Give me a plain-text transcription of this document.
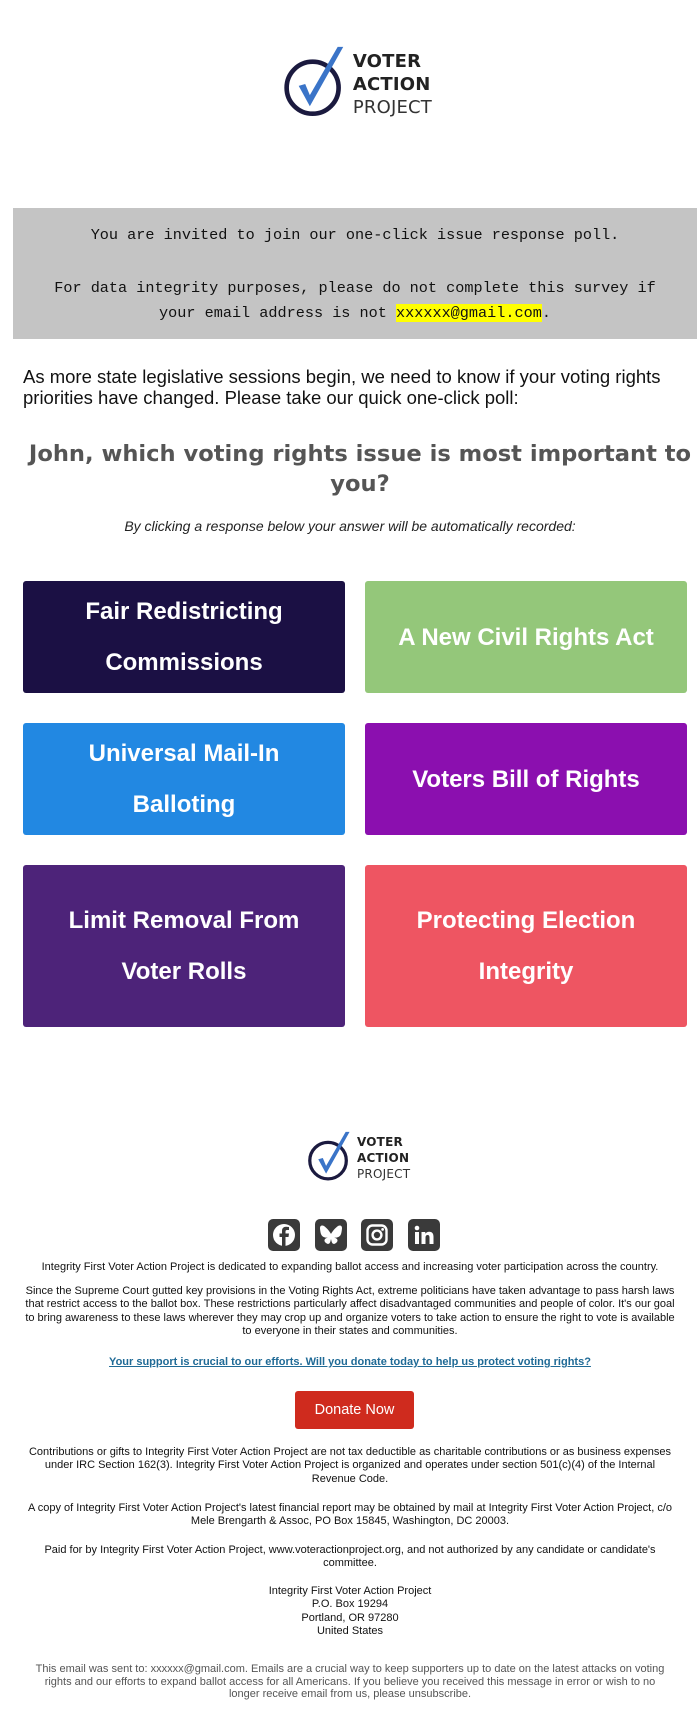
VOTER
ACTION
PROJECT
You are invited to join our one-click issue response poll.
For data integrity purposes, please do not complete this survey if your email address is not xxxxxx@gmail.com.
As more state legislative sessions begin, we need to know if your voting rights priorities have changed. Please take our quick one-click poll:
John, which voting rights issue is most important to you?
By clicking a response below your answer will be automatically recorded:
Fair Redistricting Commissions
A New Civil Rights Act
Universal Mail-In Balloting
Voters Bill of Rights
Limit Removal From Voter Rolls
Protecting Election Integrity
VOTER
ACTION
PROJECT
Integrity First Voter Action Project is dedicated to expanding ballot access and increasing voter participation across the country.
Since the Supreme Court gutted key provisions in the Voting Rights Act, extreme politicians have taken advantage to pass harsh laws that restrict access to the ballot box. These restrictions particularly affect disadvantaged communities and people of color. It's our goal to bring awareness to these laws wherever they may crop up and organize voters to take action to ensure the right to vote is available to everyone in their states and communities.
Your support is crucial to our efforts. Will you donate today to help us protect voting rights?
Donate Now
Contributions or gifts to Integrity First Voter Action Project are not tax deductible as charitable contributions or as business expenses under IRC Section 162(3). Integrity First Voter Action Project is organized and operates under section 501(c)(4) of the Internal Revenue Code.
A copy of Integrity First Voter Action Project's latest financial report may be obtained by mail at Integrity First Voter Action Project, c/o Mele Brengarth & Assoc, PO Box 15845, Washington, DC 20003.
Paid for by Integrity First Voter Action Project, www.voteractionproject.org, and not authorized by any candidate or candidate's committee.
Integrity First Voter Action Project
P.O. Box 19294
Portland, OR 97280
United States
This email was sent to: xxxxxx@gmail.com. Emails are a crucial way to keep supporters up to date on the latest attacks on voting rights and our efforts to expand ballot access for all Americans. If you believe you received this message in error or wish to no longer receive email from us, please unsubscribe.
